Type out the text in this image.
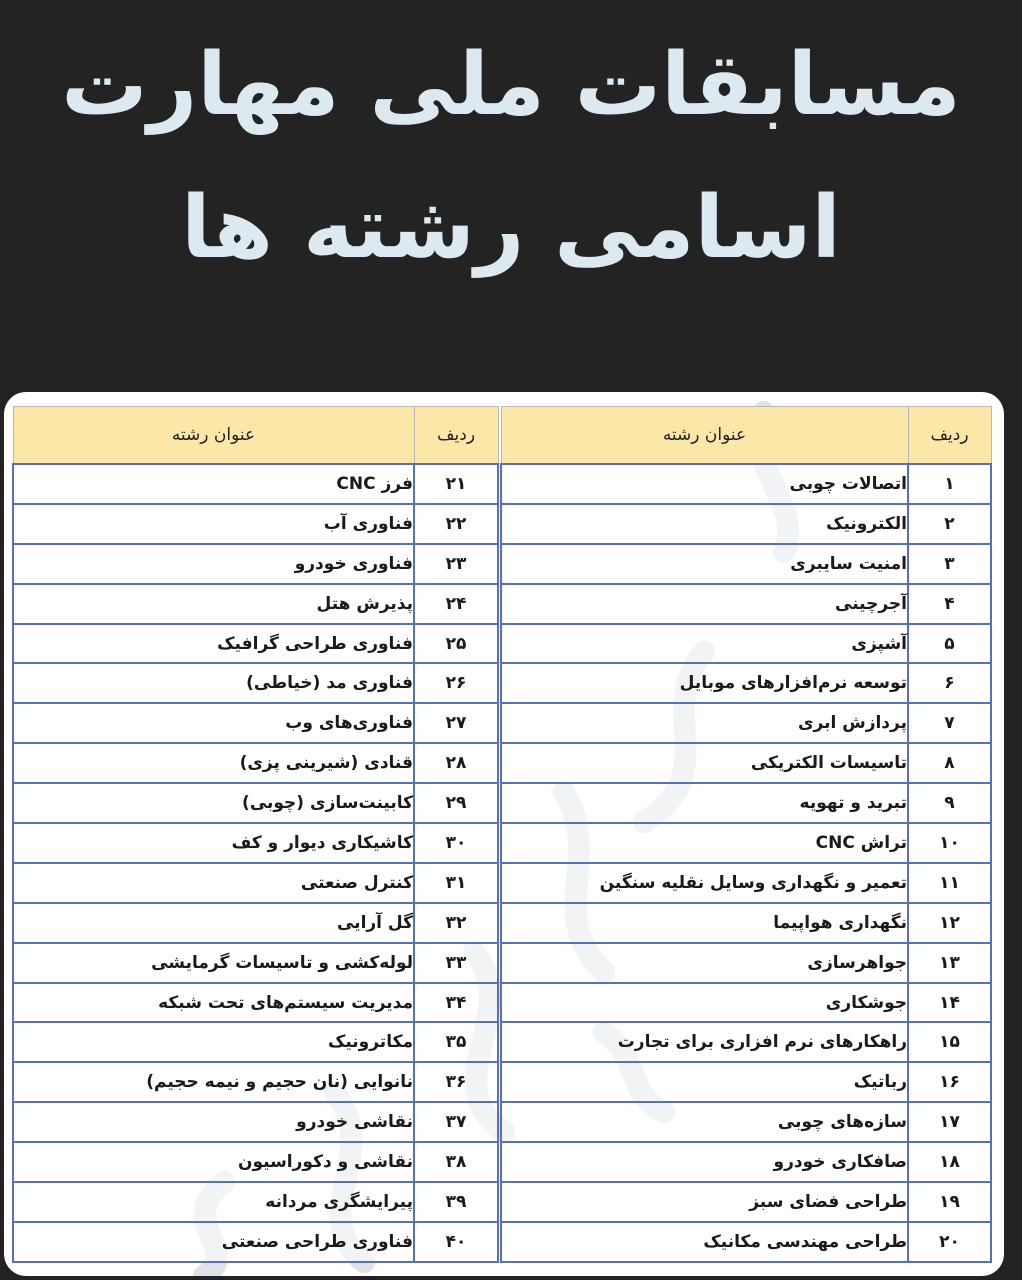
مسابقات ملی مهارت
اسامی رشته ها
ردیف	عنوان رشته
۱	اتصالات چوبی
۲	الکترونیک
۳	امنیت سایبری
۴	آجرچینی
۵	آشپزی
۶	توسعه نرم‌افزارهای موبایل
۷	پردازش ابری
۸	تاسیسات الکتریکی
۹	تبرید و تهویه
۱۰	تراش CNC
۱۱	تعمیر و نگهداری وسایل نقلیه سنگین
۱۲	نگهداری هواپیما
۱۳	جواهرسازی
۱۴	جوشکاری
۱۵	راهکارهای نرم افزاری برای تجارت
۱۶	رباتیک
۱۷	سازه‌های چوبی
۱۸	صافکاری خودرو
۱۹	طراحی فضای سبز
۲۰	طراحی مهندسی مکانیک
ردیف	عنوان رشته
۲۱	فرز CNC
۲۲	فناوری آب
۲۳	فناوری خودرو
۲۴	پذیرش هتل
۲۵	فناوری طراحی گرافیک
۲۶	فناوری مد (خیاطی)
۲۷	فناوری‌های وب
۲۸	قنادی (شیرینی پزی)
۲۹	کابینت‌سازی (چوبی)
۳۰	کاشیکاری دیوار و کف
۳۱	کنترل صنعتی
۳۲	گل آرایی
۳۳	لوله‌کشی و تاسیسات گرمایشی
۳۴	مدیریت سیستم‌های تحت شبکه
۳۵	مکاترونیک
۳۶	نانوایی (نان حجیم و نیمه حجیم)
۳۷	نقاشی خودرو
۳۸	نقاشی و دکوراسیون
۳۹	پیرایشگری مردانه
۴۰	فناوری طراحی صنعتی
